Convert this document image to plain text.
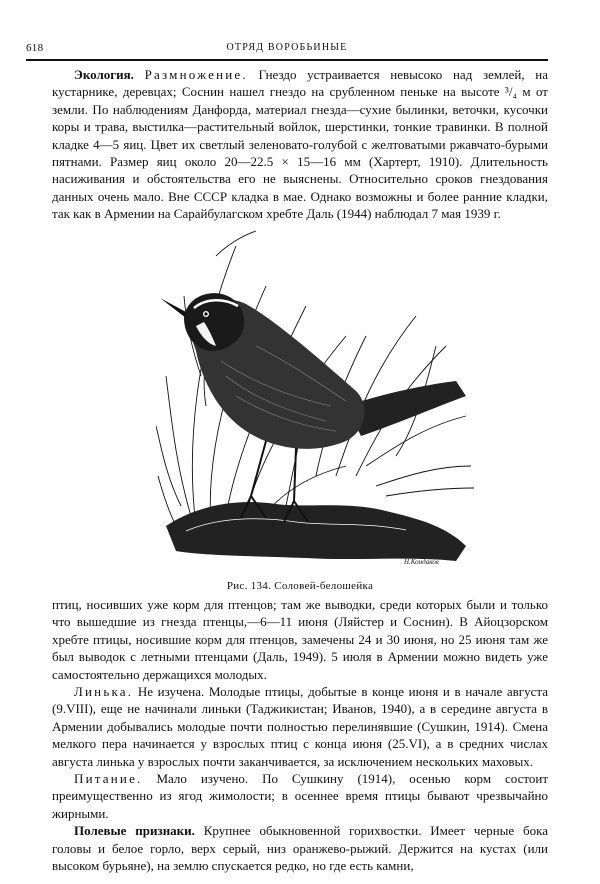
618	ОТРЯД ВОРОБЬИНЫЕ

Экология. Размножение. Гнездо устраивается невысоко над землей, на кустарнике, деревцах; Соснин нашел гнездо на срубленном пеньке на высоте ³/₄ м от земли. По наблюдениям Данфорда, материал гнезда—сухие былинки, веточки, кусочки коры и трава, выстилка—растительный войлок, шерстинки, тонкие травинки. В полной кладке 4—5 яиц. Цвет их светлый зеленовато-голубой с желтоватыми ржавчато-бурыми пятнами. Размер яиц около 20—22.5 × 15—16 мм (Хартерт, 1910). Длительность насиживания и обстоятельства его не выяснены. Относительно сроков гнездования данных очень мало. Вне СССР кладка в мае. Однако возможны и более ранние кладки, так как в Армении на Сарайбулагском хребте Даль (1944) наблюдал 7 мая 1939 г.

Н.Кондаков
Рис. 134. Соловей-белошейка

птиц, носивших уже корм для птенцов; там же выводки, среди которых были и только что вышедшие из гнезда птенцы,—6—11 июня (Ляйстер и Соснин). В Айоцзорском хребте птицы, носившие корм для птенцов, замечены 24 и 30 июня, но 25 июня там же был выводок с летными птенцами (Даль, 1949). 5 июля в Армении можно видеть уже самостоятельно держащихся молодых.

Линька. Не изучена. Молодые птицы, добытые в конце июня и в начале августа (9.VIII), еще не начинали линьки (Таджикистан; Иванов, 1940), а в середине августа в Армении добывались молодые почти полностью перелинявшие (Сушкин, 1914). Смена мелкого пера начинается у взрослых птиц с конца июня (25.VI), а в средних числах августа линька у взрослых почти заканчивается, за исключением нескольких маховых.

Питание. Мало изучено. По Сушкину (1914), осенью корм состоит преимущественно из ягод жимолости; в осеннее время птицы бывают чрезвычайно жирными.

Полевые признаки. Крупнее обыкновенной горихвостки. Имеет черные бока головы и белое горло, верх серый, низ оранжево-рыжий. Держится на кустах (или высоком бурьяне), на землю спускается редко, но где есть камни,
